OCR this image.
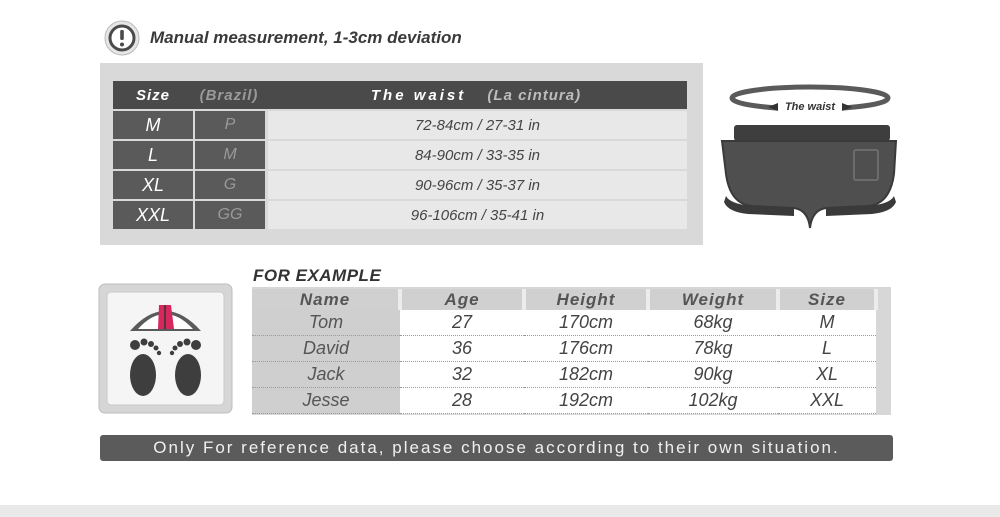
Manual measurement, 1-3cm deviation
Size	(Brazil)	The waist (La cintura)
M	P	72-84cm / 27-31 in
L	M	84-90cm / 33-35 in
XL	G	90-96cm / 35-37 in
XXL	GG	96-106cm / 35-41 in
The waist
FOR EXAMPLE
Name	Age	Height	Weight	Size
Tom	27	170cm	68kg	M
David	36	176cm	78kg	L
Jack	32	182cm	90kg	XL
Jesse	28	192cm	102kg	XXL
Only For reference data, please choose according to their own situation.
